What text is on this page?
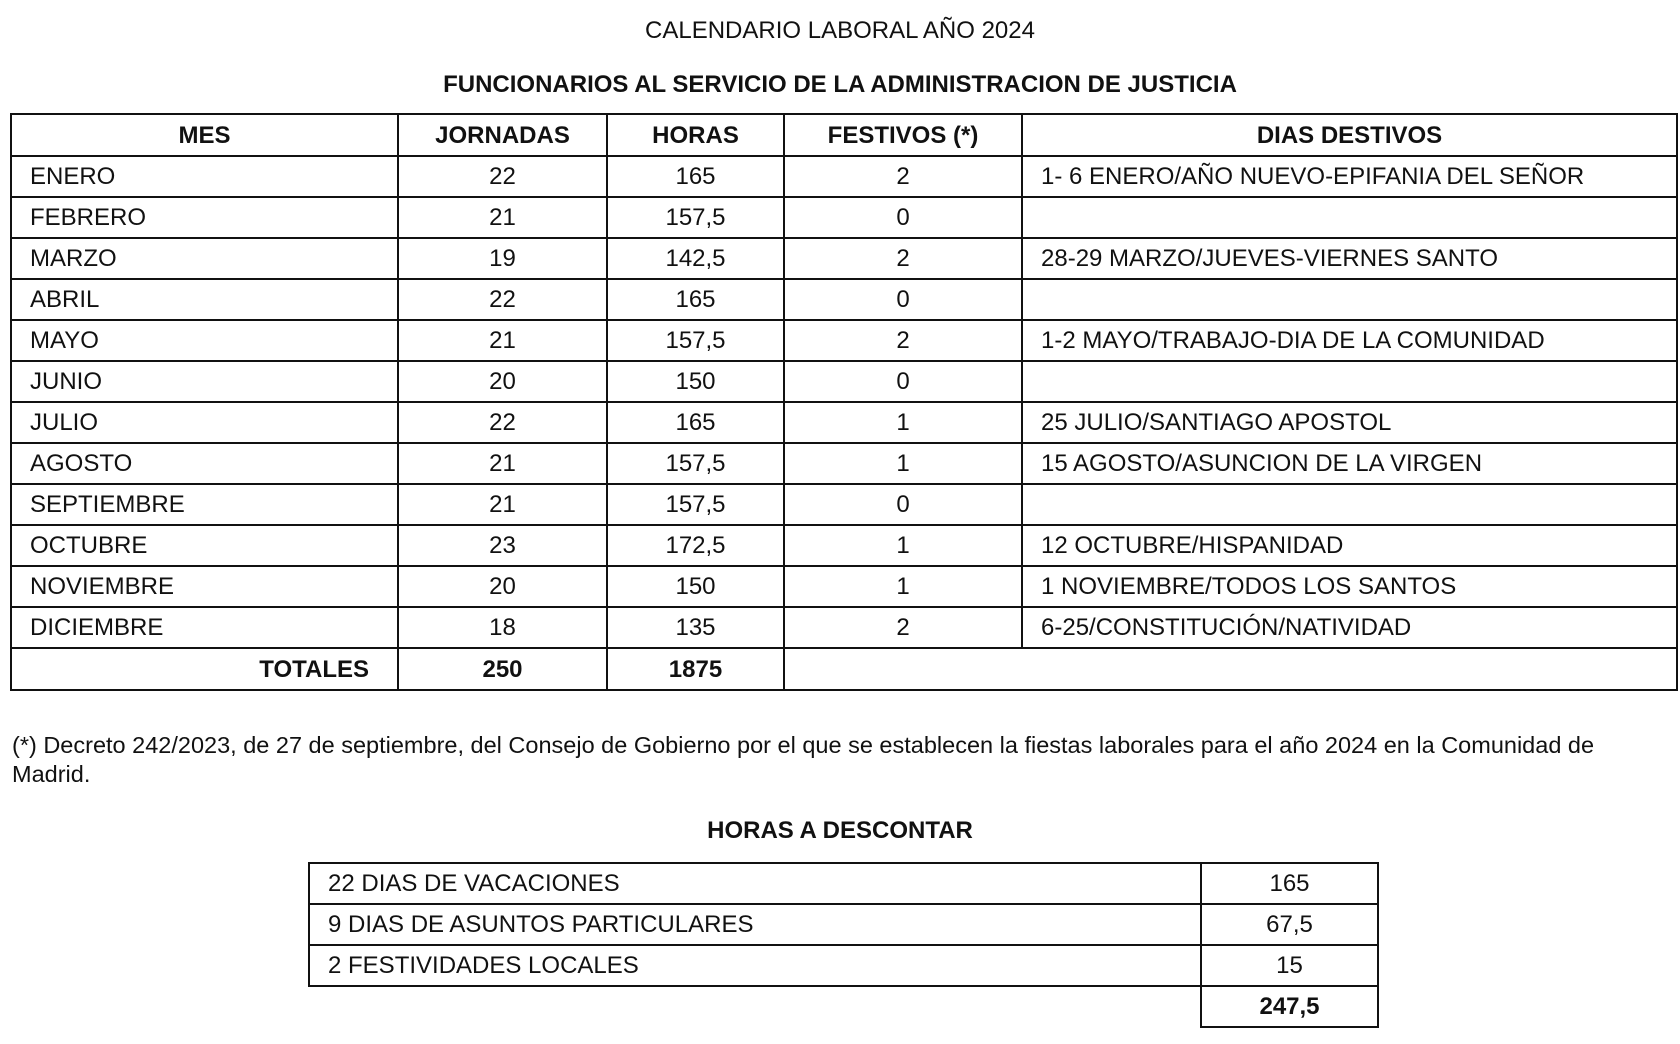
CALENDARIO LABORAL AÑO 2024
FUNCIONARIOS AL SERVICIO DE LA ADMINISTRACION DE JUSTICIA
MES	JORNADAS	HORAS	FESTIVOS (*)	DIAS DESTIVOS
ENERO	22	165	2	1- 6 ENERO/AÑO NUEVO-EPIFANIA DEL SEÑOR
FEBRERO	21	157,5	0	
MARZO	19	142,5	2	28-29 MARZO/JUEVES-VIERNES SANTO
ABRIL	22	165	0	
MAYO	21	157,5	2	1-2 MAYO/TRABAJO-DIA DE LA COMUNIDAD
JUNIO	20	150	0	
JULIO	22	165	1	25 JULIO/SANTIAGO APOSTOL
AGOSTO	21	157,5	1	15 AGOSTO/ASUNCION DE LA VIRGEN
SEPTIEMBRE	21	157,5	0	
OCTUBRE	23	172,5	1	12 OCTUBRE/HISPANIDAD
NOVIEMBRE	20	150	1	1 NOVIEMBRE/TODOS LOS SANTOS
DICIEMBRE	18	135	2	6-25/CONSTITUCIÓN/NATIVIDAD
TOTALES	250	1875		
(*) Decreto 242/2023, de 27 de septiembre, del Consejo de Gobierno por el que se establecen la fiestas laborales para el año 2024 en la Comunidad de Madrid.
HORAS A DESCONTAR
22 DIAS DE VACACIONES	165
9 DIAS DE ASUNTOS PARTICULARES	67,5
2 FESTIVIDADES LOCALES	15
	247,5
